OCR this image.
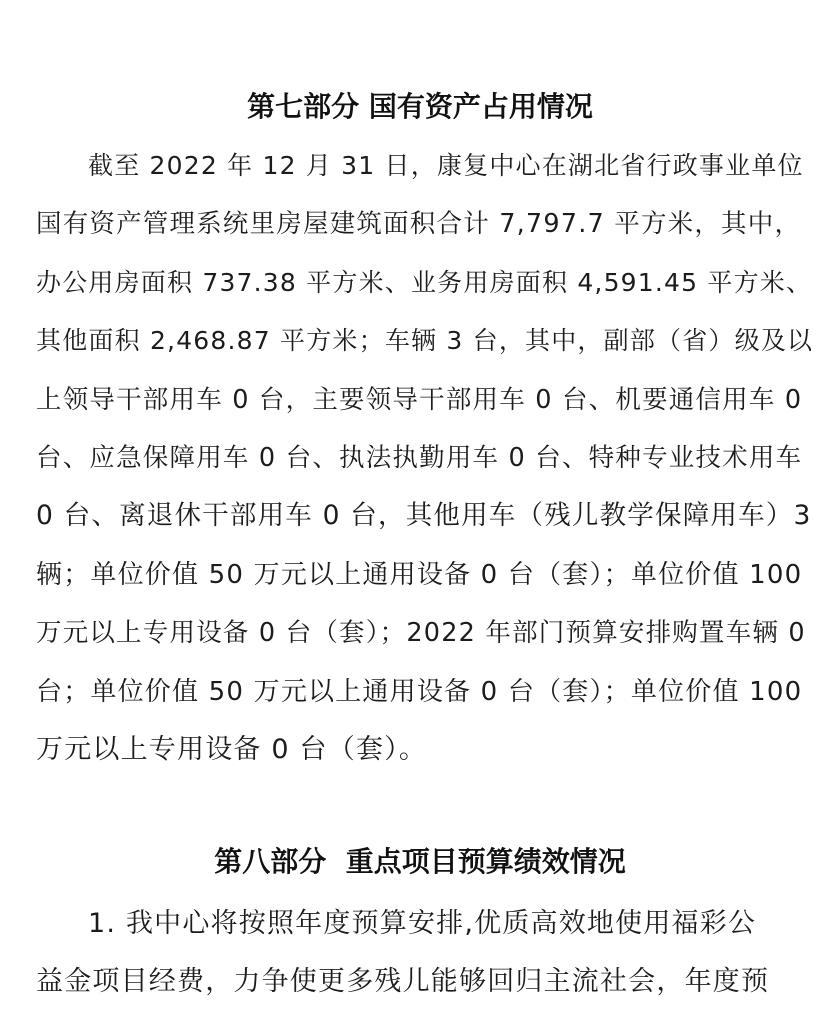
第七部分 国有资产占用情况
截至 2022 年 12 月 31 日，康复中心在湖北省行政事业单位
国有资产管理系统里房屋建筑面积合计 7,797.7 平方米，其中，
办公用房面积 737.38 平方米、业务用房面积 4,591.45 平方米、
其他面积 2,468.87 平方米；车辆 3 台，其中，副部（省）级及以
上领导干部用车 0 台，主要领导干部用车 0 台、机要通信用车 0
台、应急保障用车 0 台、执法执勤用车 0 台、特种专业技术用车
0 台、离退休干部用车 0 台，其他用车（残儿教学保障用车）3
辆；单位价值 50 万元以上通用设备 0 台（套）；单位价值 100
万元以上专用设备 0 台（套）；2022 年部门预算安排购置车辆 0
台；单位价值 50 万元以上通用设备 0 台（套）；单位价值 100
万元以上专用设备 0 台（套）。
第八部分  重点项目预算绩效情况
1. 我中心将按照年度预算安排,优质高效地使用福彩公
益金项目经费，力争使更多残儿能够回归主流社会，年度预
